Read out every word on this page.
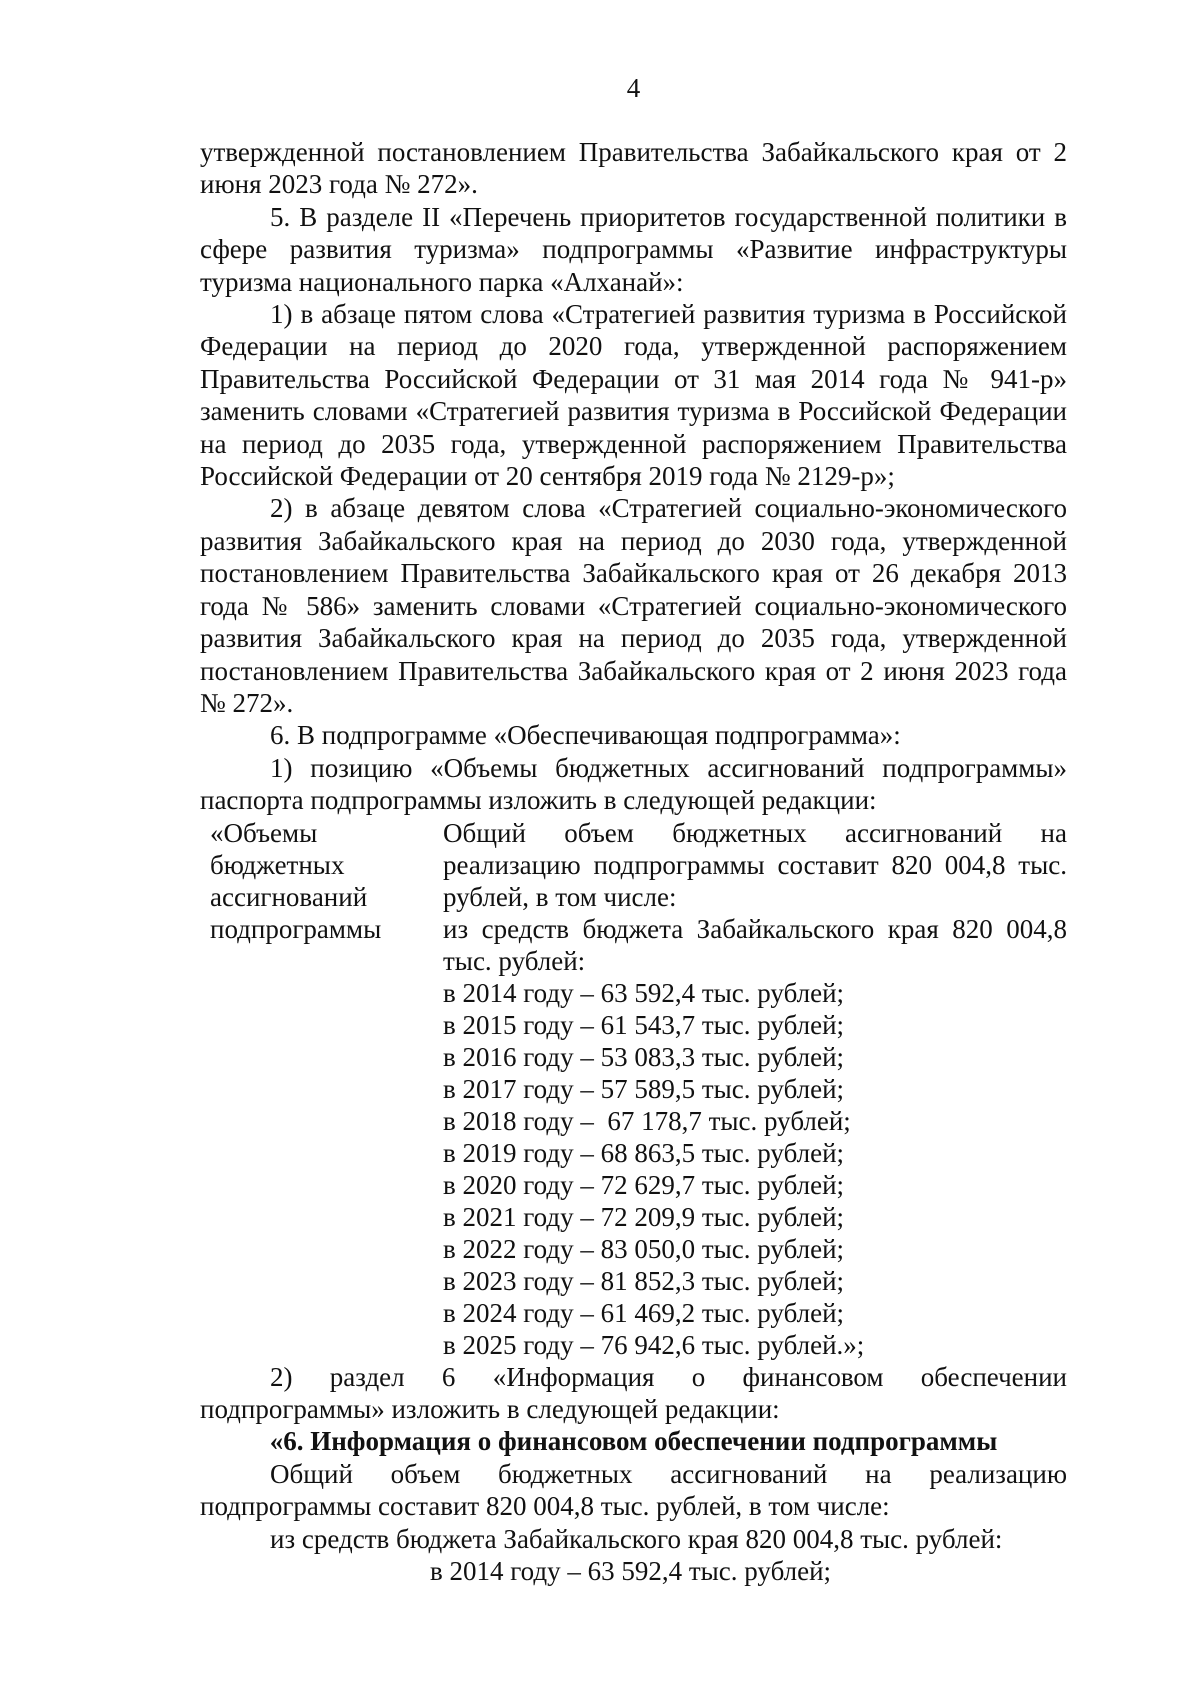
4

утвержденной постановлением Правительства Забайкальского края от 2 июня 2023 года № 272».

5. В разделе II «Перечень приоритетов государственной политики в сфере развития туризма» подпрограммы «Развитие инфраструктуры туризма национального парка «Алханай»:

1) в абзаце пятом слова «Стратегией развития туризма в Российской Федерации на период до 2020 года, утвержденной распоряжением Правительства Российской Федерации от 31 мая 2014 года № 941-р» заменить словами «Стратегией развития туризма в Российской Федерации на период до 2035 года, утвержденной распоряжением Правительства Российской Федерации от 20 сентября 2019 года № 2129-р»;

2) в абзаце девятом слова «Стратегией социально-экономического развития Забайкальского края на период до 2030 года, утвержденной постановлением Правительства Забайкальского края от 26 декабря 2013 года № 586» заменить словами «Стратегией социально-экономического развития Забайкальского края на период до 2035 года, утвержденной постановлением Правительства Забайкальского края от 2 июня 2023 года № 272».

6. В подпрограмме «Обеспечивающая подпрограмма»:

1) позицию «Объемы бюджетных ассигнований подпрограммы» паспорта подпрограммы изложить в следующей редакции:

«Объемы
бюджетных
ассигнований
подпрограммы

Общий объем бюджетных ассигнований на реализацию подпрограммы составит 820 004,8 тыс. рублей, в том числе:

из средств бюджета Забайкальского края 820 004,8 тыс. рублей:

в 2014 году – 63 592,4 тыс. рублей;
в 2015 году – 61 543,7 тыс. рублей;
в 2016 году – 53 083,3 тыс. рублей;
в 2017 году – 57 589,5 тыс. рублей;
в 2018 году –  67 178,7 тыс. рублей;
в 2019 году – 68 863,5 тыс. рублей;
в 2020 году – 72 629,7 тыс. рублей;
в 2021 году – 72 209,9 тыс. рублей;
в 2022 году – 83 050,0 тыс. рублей;
в 2023 году – 81 852,3 тыс. рублей;
в 2024 году – 61 469,2 тыс. рублей;
в 2025 году – 76 942,6 тыс. рублей.»;

2) раздел 6 «Информация о финансовом обеспечении подпрограммы» изложить в следующей редакции:

«6. Информация о финансовом обеспечении подпрограммы

Общий объем бюджетных ассигнований на реализацию подпрограммы составит 820 004,8 тыс. рублей, в том числе:

из средств бюджета Забайкальского края 820 004,8 тыс. рублей:

в 2014 году – 63 592,4 тыс. рублей;
